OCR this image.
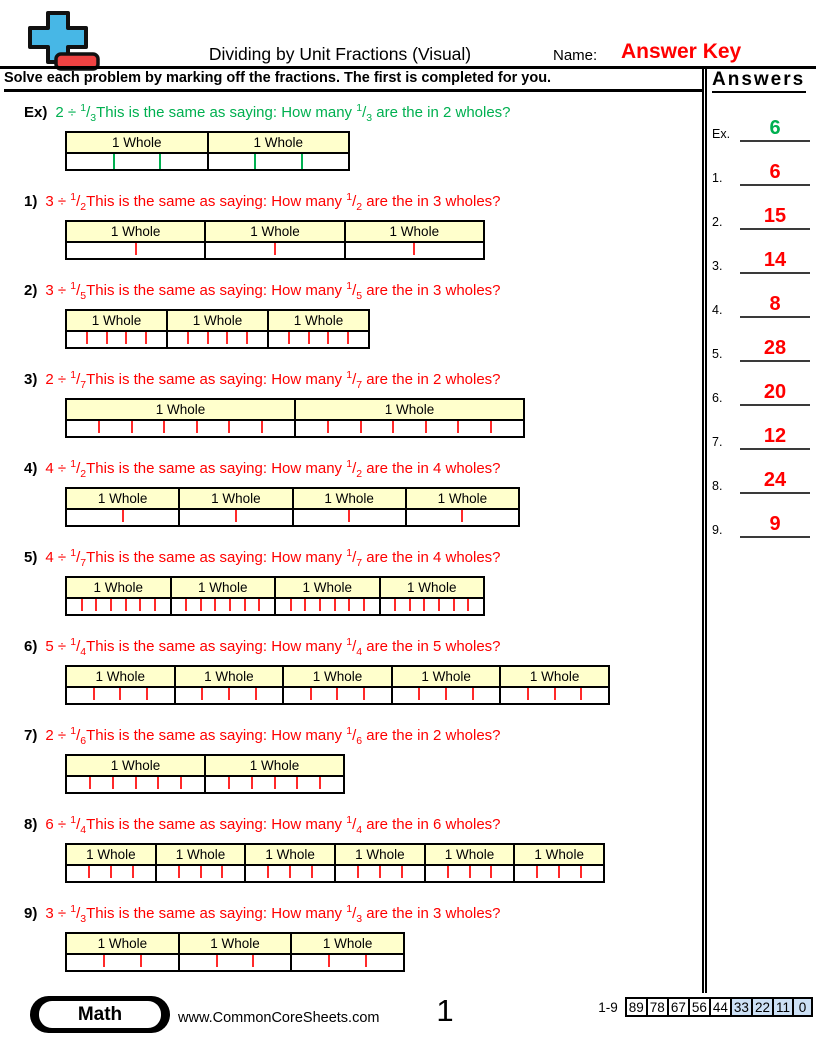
Dividing by Unit Fractions (Visual)	Name: Answer Key
Solve each problem by marking off the fractions. The first is completed for you.
Ex) $2 \div ^1/_3This$ is the same as saying: How many $^1/_3$ are the in 2 wholes?
1 Whole	1 Whole
1) $3 \div ^1/_2This$ is the same as saying: How many $^1/_2$ are the in 3 wholes?
1 Whole	1 Whole	1 Whole
2) $3 \div ^1/_5This$ is the same as saying: How many $^1/_5$ are the in 3 wholes?
1 Whole	1 Whole	1 Whole
3) $2 \div ^1/_7This$ is the same as saying: How many $^1/_7$ are the in 2 wholes?
1 Whole	1 Whole
4) $4 \div ^1/_2This$ is the same as saying: How many $^1/_2$ are the in 4 wholes?
1 Whole	1 Whole	1 Whole	1 Whole
5) $4 \div ^1/_7This$ is the same as saying: How many $^1/_7$ are the in 4 wholes?
1 Whole	1 Whole	1 Whole	1 Whole
6) $5 \div ^1/_4This$ is the same as saying: How many $^1/_4$ are the in 5 wholes?
1 Whole	1 Whole	1 Whole	1 Whole	1 Whole
7) $2 \div ^1/_6This$ is the same as saying: How many $^1/_6$ are the in 2 wholes?
1 Whole	1 Whole
8) $6 \div ^1/_4This$ is the same as saying: How many $^1/_4$ are the in 6 wholes?
1 Whole	1 Whole	1 Whole	1 Whole	1 Whole	1 Whole
9) $3 \div ^1/_3This$ is the same as saying: How many $^1/_3$ are the in 3 wholes?
1 Whole	1 Whole	1 Whole
Answers
Ex.	6
1.	6
2.	15
3.	14
4.	8
5.	28
6.	20
7.	12
8.	24
9.	9
Math	www.CommonCoreSheets.com	1	1-9 89 78 67 56 44 33 22 11 0
